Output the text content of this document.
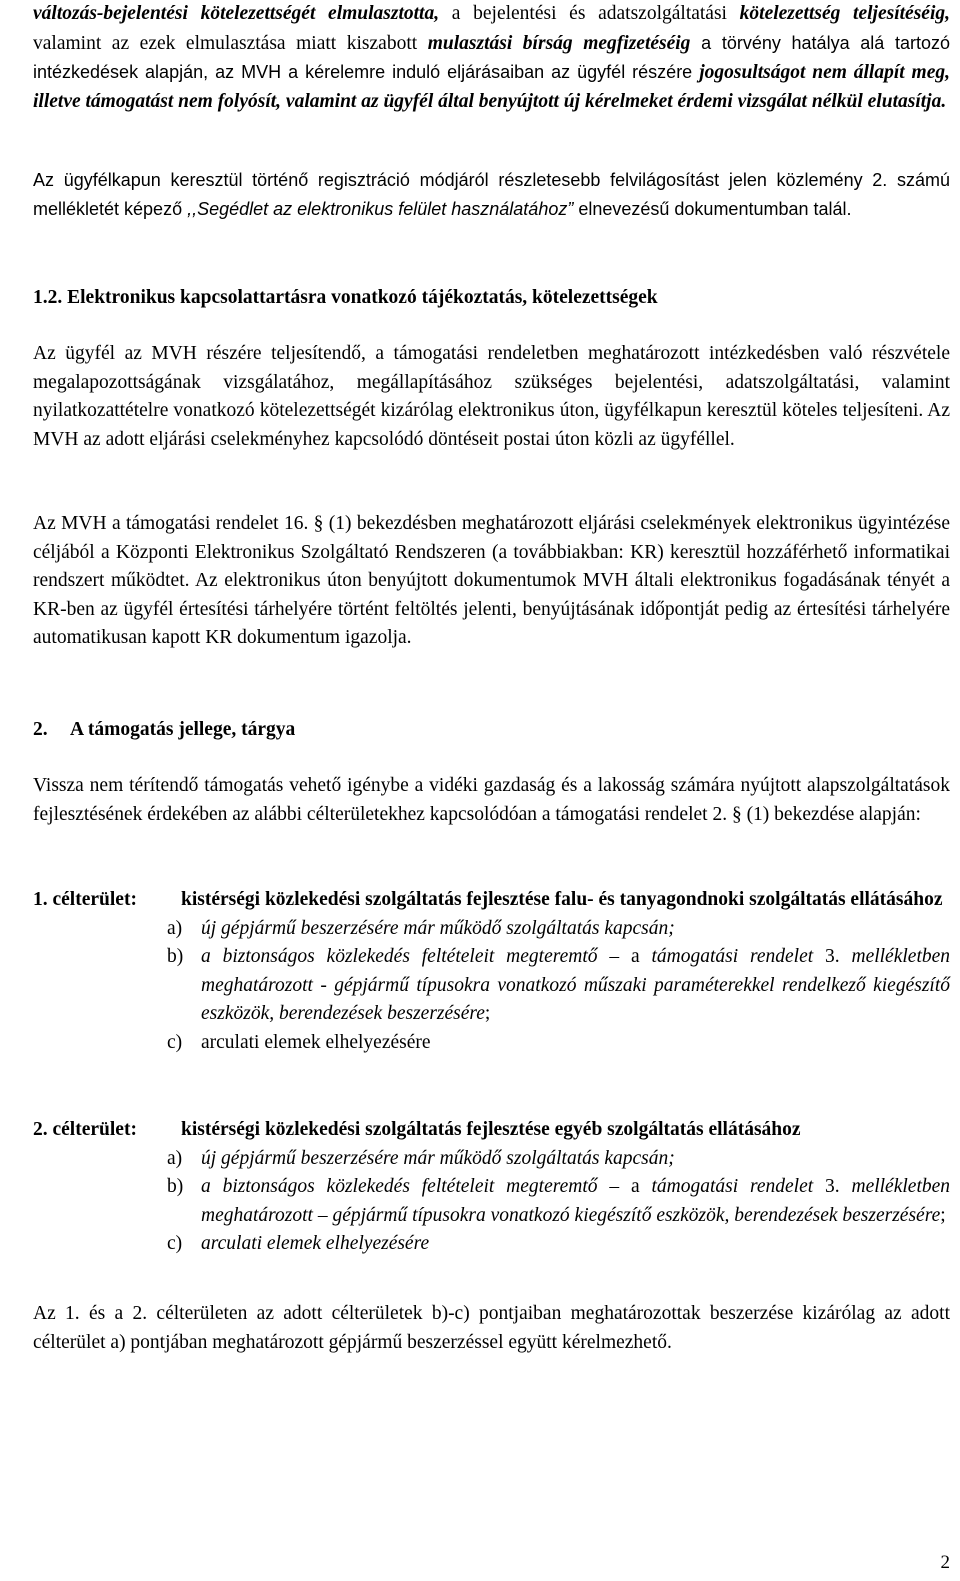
változás-bejelentési kötelezettségét elmulasztotta, a bejelentési és adatszolgáltatási kötelezettség teljesítéséig, valamint az ezek elmulasztása miatt kiszabott mulasztási bírság megfizetéséig a törvény hatálya alá tartozó intézkedések alapján, az MVH a kérelemre induló eljárásaiban az ügyfél részére jogosultságot nem állapít meg, illetve támogatást nem folyósít, valamint az ügyfél által benyújtott új kérelmeket érdemi vizsgálat nélkül elutasítja.

Az ügyfélkapun keresztül történő regisztráció módjáról részletesebb felvilágosítást jelen közlemény 2. számú mellékletét képező ,,Segédlet az elektronikus felület használatához” elnevezésű dokumentumban talál.

1.2. Elektronikus kapcsolattartásra vonatkozó tájékoztatás, kötelezettségek

Az ügyfél az MVH részére teljesítendő, a támogatási rendeletben meghatározott intézkedésben való részvétele megalapozottságának vizsgálatához, megállapításához szükséges bejelentési, adatszolgáltatási, valamint nyilatkozattételre vonatkozó kötelezettségét kizárólag elektronikus úton, ügyfélkapun keresztül köteles teljesíteni. Az MVH az adott eljárási cselekményhez kapcsolódó döntéseit postai úton közli az ügyféllel.

Az MVH a támogatási rendelet 16. § (1) bekezdésben meghatározott eljárási cselekmények elektronikus ügyintézése céljából a Központi Elektronikus Szolgáltató Rendszeren (a továbbiakban: KR) keresztül hozzáférhető informatikai rendszert működtet. Az elektronikus úton benyújtott dokumentumok MVH általi elektronikus fogadásának tényét a KR-ben az ügyfél értesítési tárhelyére történt feltöltés jelenti, benyújtásának időpontját pedig az értesítési tárhelyére automatikusan kapott KR dokumentum igazolja.

2. A támogatás jellege, tárgya

Vissza nem térítendő támogatás vehető igénybe a vidéki gazdaság és a lakosság számára nyújtott alapszolgáltatások fejlesztésének érdekében az alábbi célterületekhez kapcsolódóan a támogatási rendelet 2. § (1) bekezdése alapján:

1. célterület:	kistérségi közlekedési szolgáltatás fejlesztése falu- és tanyagondnoki szolgáltatás ellátásához
a) új gépjármű beszerzésére már működő szolgáltatás kapcsán;
b) a biztonságos közlekedés feltételeit megteremtő – a támogatási rendelet 3. mellékletben meghatározott - gépjármű típusokra vonatkozó műszaki paraméterekkel rendelkező kiegészítő eszközök, berendezések beszerzésére;
c) arculati elemek elhelyezésére
2. célterület:	kistérségi közlekedési szolgáltatás fejlesztése egyéb szolgáltatás ellátásához
a) új gépjármű beszerzésére már működő szolgáltatás kapcsán;
b) a biztonságos közlekedés feltételeit megteremtő – a támogatási rendelet 3. mellékletben meghatározott – gépjármű típusokra vonatkozó kiegészítő eszközök, berendezések beszerzésére;
c) arculati elemek elhelyezésére

Az 1. és a 2. célterületen az adott célterületek b)-c) pontjaiban meghatározottak beszerzése kizárólag az adott célterület a) pontjában meghatározott gépjármű beszerzéssel együtt kérelmezhető.

2
